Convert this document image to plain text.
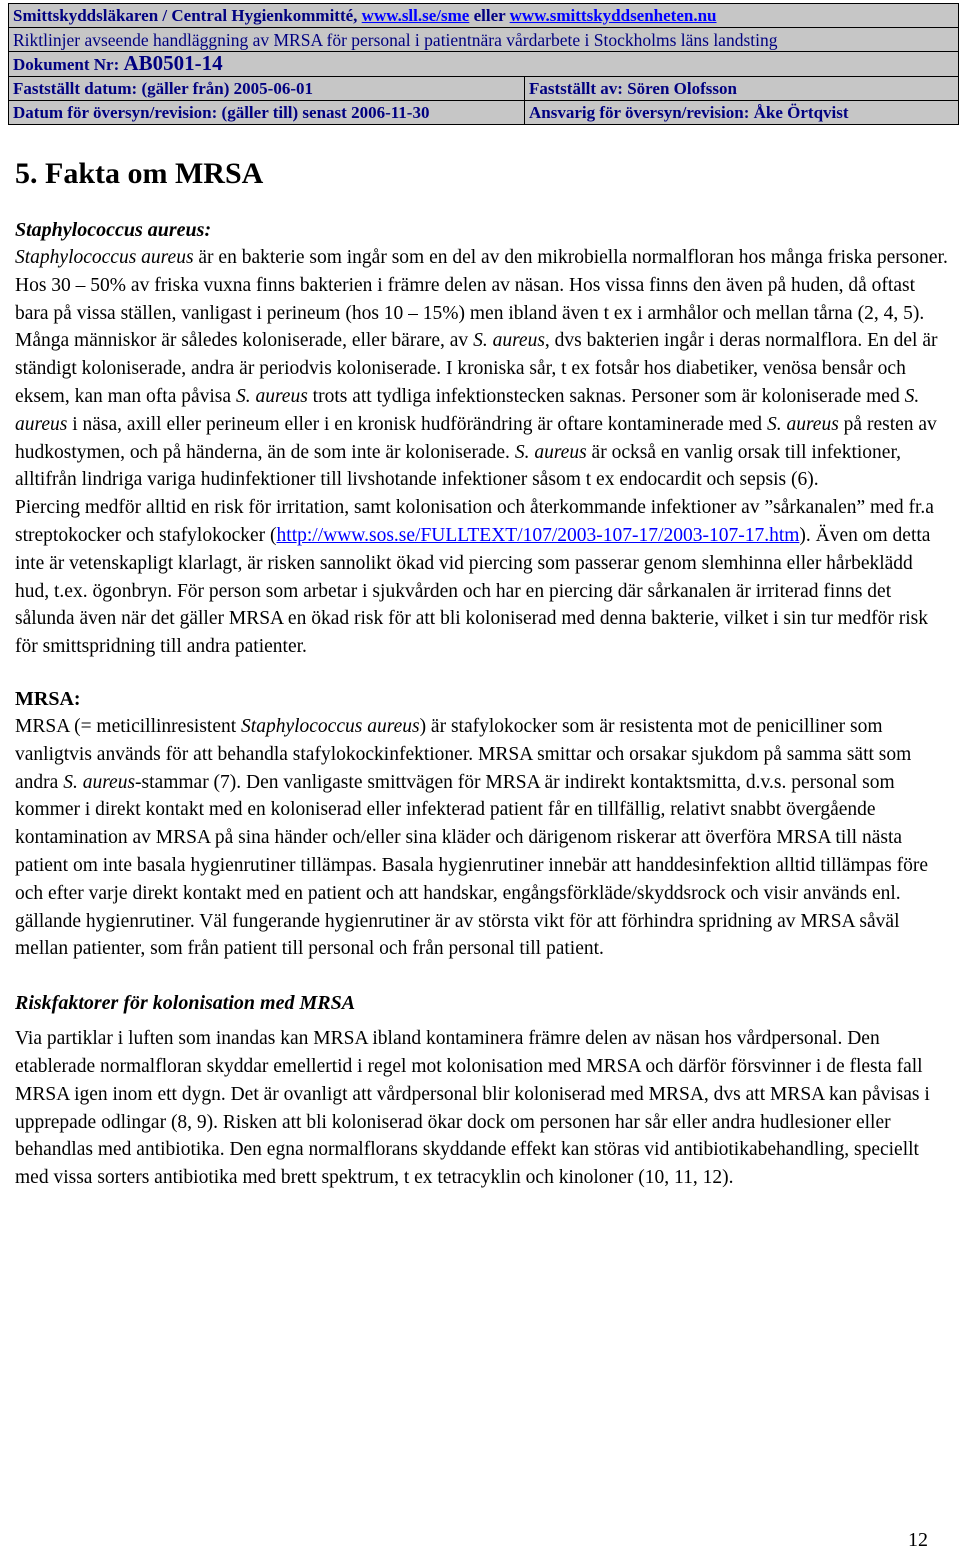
Smittskyddsläkaren / Central Hygienkommitté, www.sll.se/sme eller www.smittskyddsenheten.nu	
Riktlinjer avseende handläggning av MRSA för personal i patientnära vårdarbete i Stockholms läns landsting	
Dokument Nr: AB0501-14	
Fastställt datum: (gäller från) 2005-06-01	Fastställt av: Sören Olofsson
Datum för översyn/revision: (gäller till) senast 2006-11-30	Ansvarig för översyn/revision: Åke Örtqvist
5. Fakta om MRSA
Staphylococcus aureus:

Staphylococcus aureus är en bakterie som ingår som en del av den mikrobiella normalfloran hos många friska personer. Hos 30 – 50% av friska vuxna finns bakterien i främre delen av näsan. Hos vissa finns den även på huden, då oftast bara på vissa ställen, vanligast i perineum (hos 10 – 15%) men ibland även t ex i armhålor och mellan tårna (2, 4, 5). Många människor är således koloniserade, eller bärare, av S. aureus, dvs bakterien ingår i deras normalflora. En del är ständigt koloniserade, andra är periodvis koloniserade. I kroniska sår, t ex fotsår hos diabetiker, venösa bensår och eksem, kan man ofta påvisa S. aureus trots att tydliga infektionstecken saknas. Personer som är koloniserade med S. aureus i näsa, axill eller perineum eller i en kronisk hudförändring är oftare kontaminerade med S. aureus på resten av hudkostymen, och på händerna, än de som inte är koloniserade. S. aureus är också en vanlig orsak till infektioner, alltifrån lindriga variga hudinfektioner till livshotande infektioner såsom t ex endocardit och sepsis (6).

Piercing medför alltid en risk för irritation, samt kolonisation och återkommande infektioner av ”sårkanalen” med fr.a streptokocker och stafylokocker (http://www.sos.se/FULLTEXT/107/2003-107-17/2003-107-17.htm). Även om detta inte är vetenskapligt klarlagt, är risken sannolikt ökad vid piercing som passerar genom slemhinna eller hårbeklädd hud, t.ex. ögonbryn. För person som arbetar i sjukvården och har en piercing där sårkanalen är irriterad finns det sålunda även när det gäller MRSA en ökad risk för att bli koloniserad med denna bakterie, vilket i sin tur medför risk för smittspridning till andra patienter.

MRSA:

MRSA (= meticillinresistent Staphylococcus aureus) är stafylokocker som är resistenta mot de penicilliner som vanligtvis används för att behandla stafylokockinfektioner. MRSA smittar och orsakar sjukdom på samma sätt som andra S. aureus-stammar (7). Den vanligaste smittvägen för MRSA är indirekt kontaktsmitta, d.v.s. personal som kommer i direkt kontakt med en koloniserad eller infekterad patient får en tillfällig, relativt snabbt övergående kontamination av MRSA på sina händer och/eller sina kläder och därigenom riskerar att överföra MRSA till nästa patient om inte basala hygienrutiner tillämpas. Basala hygienrutiner innebär att handdesinfektion alltid tillämpas före och efter varje direkt kontakt med en patient och att handskar, engångsförkläde/skyddsrock och visir används enl. gällande hygienrutiner. Väl fungerande hygienrutiner är av största vikt för att förhindra spridning av MRSA såväl mellan patienter, som från patient till personal och från personal till patient.

Riskfaktorer för kolonisation med MRSA

Via partiklar i luften som inandas kan MRSA ibland kontaminera främre delen av näsan hos vårdpersonal. Den etablerade normalfloran skyddar emellertid i regel mot kolonisation med MRSA och därför försvinner i de flesta fall MRSA igen inom ett dygn. Det är ovanligt att vårdpersonal blir koloniserad med MRSA, dvs att MRSA kan påvisas i upprepade odlingar (8, 9). Risken att bli koloniserad ökar dock om personen har sår eller andra hudlesioner eller behandlas med antibiotika. Den egna normalflorans skyddande effekt kan störas vid antibiotikabehandling, speciellt med vissa sorters antibiotika med brett spektrum, t ex tetracyklin och kinoloner (10, 11, 12).

12
